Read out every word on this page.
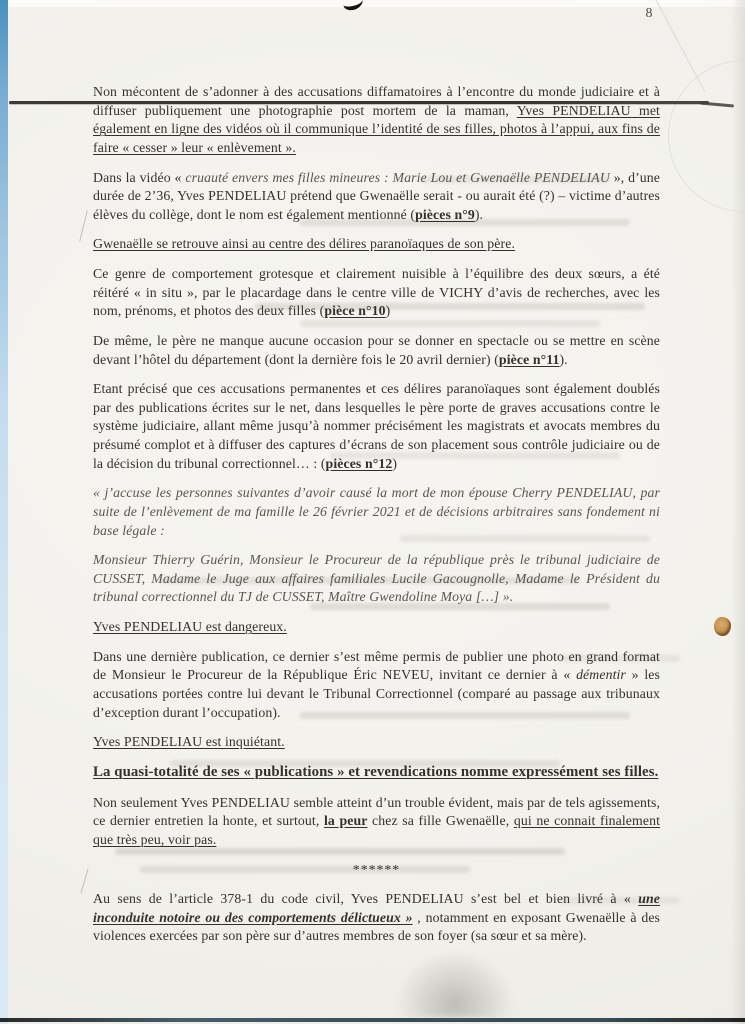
8

Non mécontent de s’adonner à des accusations diffamatoires à l’encontre du monde judiciaire et à diffuser publiquement une photographie post mortem de la maman, Yves PENDELIAU met également en ligne des vidéos où il communique l’identité de ses filles, photos à l’appui, aux fins de faire « cesser » leur « enlèvement ».

Dans la vidéo « cruauté envers mes filles mineures : Marie Lou et Gwenaëlle PENDELIAU », d’une durée de 2’36, Yves PENDELIAU prétend que Gwenaëlle serait - ou aurait été (?) – victime d’autres élèves du collège, dont le nom est également mentionné (pièces n°9).

Gwenaëlle se retrouve ainsi au centre des délires paranoïaques de son père.

Ce genre de comportement grotesque et clairement nuisible à l’équilibre des deux sœurs, a été réitéré « in situ », par le placardage dans le centre ville de VICHY d’avis de recherches, avec les nom, prénoms, et photos des deux filles (pièce n°10)

De même, le père ne manque aucune occasion pour se donner en spectacle ou se mettre en scène devant l’hôtel du département (dont la dernière fois le 20 avril dernier) (pièce n°11).

Etant précisé que ces accusations permanentes et ces délires paranoïaques sont également doublés par des publications écrites sur le net, dans lesquelles le père porte de graves accusations contre le système judiciaire, allant même jusqu’à nommer précisément les magistrats et avocats membres du présumé complot et à diffuser des captures d’écrans de son placement sous contrôle judiciaire ou de la décision du tribunal correctionnel… : (pièces n°12)

« j’accuse les personnes suivantes d’avoir causé la mort de mon épouse Cherry PENDELIAU, par suite de l’enlèvement de ma famille le 26 février 2021 et de décisions arbitraires sans fondement ni base légale :

Monsieur Thierry Guérin, Monsieur le Procureur de la république près le tribunal judiciaire de CUSSET, Madame le Juge aux affaires familiales Lucile Gacougnolle, Madame le Président du tribunal correctionnel du TJ de CUSSET, Maître Gwendoline Moya […] ».

Yves PENDELIAU est dangereux.

Dans une dernière publication, ce dernier s’est même permis de publier une photo en grand format de Monsieur le Procureur de la République Éric NEVEU, invitant ce dernier à « démentir » les accusations portées contre lui devant le Tribunal Correctionnel (comparé au passage aux tribunaux d’exception durant l’occupation).

Yves PENDELIAU est inquiétant.

La quasi-totalité de ses « publications » et revendications nomme expressément ses filles.

Non seulement Yves PENDELIAU semble atteint d’un trouble évident, mais par de tels agissements, ce dernier entretien la honte, et surtout, la peur chez sa fille Gwenaëlle, qui ne connait finalement que très peu, voir pas.

******

Au sens de l’article 378-1 du code civil, Yves PENDELIAU s’est bel et bien livré à « une inconduite notoire ou des comportements délictueux » , notamment en exposant Gwenaëlle à des violences exercées par son père sur d’autres membres de son foyer (sa sœur et sa mère).
